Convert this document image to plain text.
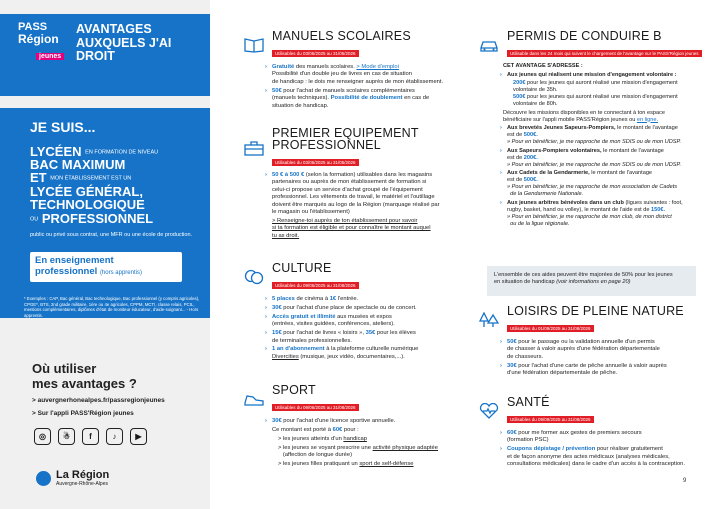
PASS
Région
jeunes
AVANTAGES
AUXQUELS J'AI DROIT
2025-2026
JE SUIS...
LYCÉEN EN FORMATION DE NIVEAU
BAC MAXIMUM
ET MON ÉTABLISSEMENT EST UN
LYCÉE GÉNÉRAL,
TECHNOLOGIQUE
OU PROFESSIONNEL
public ou privé sous contrat, une MFR ou une école de production.
En enseignement
professionnel (hors apprentis)
* Exemples : CAP, Bac général, Bac technologique, Bac professionnel (y compris agricoles), CPGE*, BTS, 2nd grade militaire, 1ère ou 4e agricoles, CPPM, MCTI, classe relais, PCIL, mentions complémentaires, diplômes d'état de moniteur éducateur, d'aide-soignant... - Hors apprentis.
Où utiliser
mes avantages ?
> auvergnerhonealpes.fr/passregionjeunes
> Sur l'appli PASS'Région jeunes
◎	☃	f	♪	▶
La Région
Auvergne-Rhône-Alpes
MANUELS SCOLAIRES
Utilisables du 03/06/2025 au 31/05/2026
› Gratuité des manuels scolaires. > Mode d'emploi
Possibilité d'un double jeu de livres en cas de situation
de handicap : le dois me renseigner auprès de mon établissement.

› 50€ pour l'achat de manuels scolaires complémentaires
(manuels techniques). Possibilité de doublement en cas de
situation de handicap.

PREMIER EQUIPEMENT
PROFESSIONNEL
Utilisables du 03/06/2025 au 31/05/2026
› 50 € à 500 € (selon la formation) utilisables dans les magasins
partenaires ou auprès de mon établissement de formation si
celui-ci propose un service d'achat groupé de l'équipement
professionnel. Les vêtements de travail, le matériel et l'outillage
doivent être marqués au logo de la Région (marquage réalisé par
le magasin ou l'établissement)

> Renseigne-toi auprès de ton établissement pour savoir
si ta formation est éligible et pour connaître le montant auquel
tu as droit.

CULTURE
Utilisables du 09/06/2025 au 31/08/2026

› 5 places de cinéma à 1€ l'entrée.

› 30€ pour l'achat d'une place de spectacle ou de concert.

› Accès gratuit et illimité aux musées et expos
(entrées, visites guidées, conférences, ateliers).

› 15€ pour l'achat de livres « loisirs », 35€ pour les élèves
de terminales professionnelles.

› 1 an d'abonnement à la plateforme culturelle numérique
Divercities (musique, jeux vidéo, documentaires,...).

SPORT
Utilisables du 09/06/2025 au 31/08/2026

› 30€ pour l'achat d'une licence sportive annuelle.

Ce montant est porté à 60€ pour :

> les jeunes atteints d'un handicap

> les jeunes se voyant prescrire une activité physique adaptée
(affection de longue durée)

> les jeunes filles pratiquant un sport de self-défense

PERMIS DE CONDUIRE B
Utilisable dans les 24 mois qui suivent le chargement de l'avantage sur le PASS'Région jeunes

CET AVANTAGE S'ADRESSE :

› Aux jeunes qui réalisent une mission d'engagement volontaire :

200€ pour les jeunes qui auront réalisé une mission d'engagement
volontaire de 35h.
500€ pour les jeunes qui auront réalisé une mission d'engagement
volontaire de 80h.

Découvre les missions disponibles en te connectant à ton espace
bénéficiaire sur l'appli mobile PASS'Région jeunes ou en ligne.

› Aux brevetés Jeunes Sapeurs-Pompiers, le montant de l'avantage
est de 500€.
» Pour en bénéficier, je me rapproche de mon SDIS ou de mon UDSP.

› Aux Sapeurs-Pompiers volontaires, le montant de l'avantage
est de 200€.
» Pour en bénéficier, je me rapproche de mon SDIS ou de mon UDSP.

› Aux Cadets de la Gendarmerie, le montant de l'avantage
est de 500€.
» Pour en bénéficier, je me rapproche de mon association de Cadets
de la Gendarmerie Nationale.

› Aux jeunes arbitres bénévoles dans un club (ligues suivantes : foot,
rugby, basket, hand ou volley), le montant de l'aide est de 150€.
» Pour en bénéficier, je me rapproche de mon club, de mon district
ou de la ligue régionale.

L'ensemble de ces aides peuvent être majorées de 50% pour les jeunes
en situation de handicap (voir informations en page 20)
LOISIRS DE PLEINE NATURE
Utilisables du 01/09/2025 au 31/08/2026

› 50€ pour le passage ou la validation annuelle d'un permis
de chasser à valoir auprès d'une fédération départementale
de chasseurs.

› 30€ pour l'achat d'une carte de pêche annuelle à valoir auprès
d'une fédération départementale de pêche.

SANTÉ
Utilisables du 09/09/2025 au 31/08/2026

› 60€ pour me former aux gestes de premiers secours
(formation PSC)

› Coupons dépistage / prévention pour réaliser gratuitement
et de façon anonyme des actes médicaux (analyses médicales,
consultations médicales) dans le cadre d'un accès à la contraception.

9
